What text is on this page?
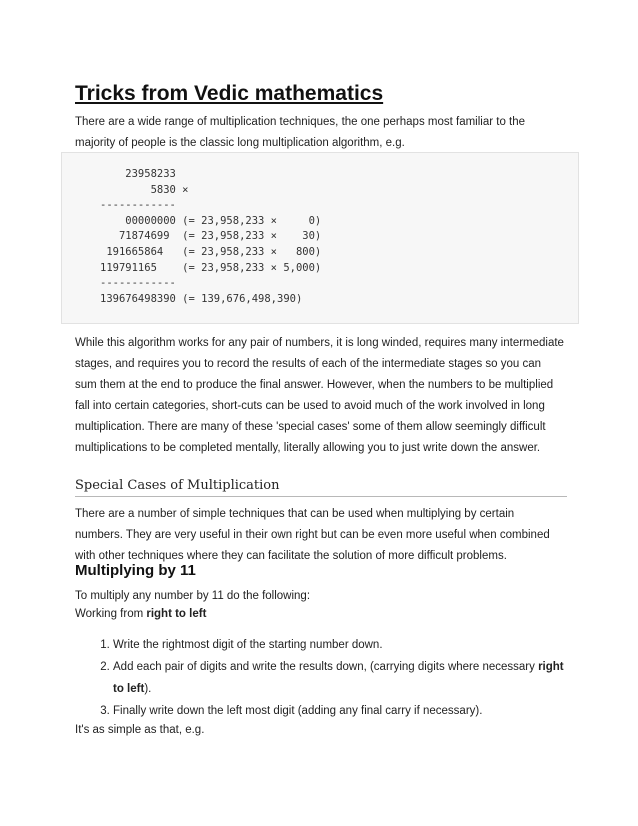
Tricks from Vedic mathematics

There are a wide range of multiplication techniques, the one perhaps most familiar to the majority of people is the classic long multiplication algorithm, e.g.

23958233
5830 ×
------------
00000000 (= 23,958,233 ×     0)
71874699  (= 23,958,233 ×    30)
191665864   (= 23,958,233 ×   800)
119791165    (= 23,958,233 × 5,000)
------------
139676498390 (= 139,676,498,390)

While this algorithm works for any pair of numbers, it is long winded, requires many intermediate stages, and requires you to record the results of each of the intermediate stages so you can sum them at the end to produce the final answer. However, when the numbers to be multiplied fall into certain categories, short-cuts can be used to avoid much of the work involved in long multiplication. There are many of these 'special cases' some of them allow seemingly difficult multiplications to be completed mentally, literally allowing you to just write down the answer.

Special Cases of Multiplication

There are a number of simple techniques that can be used when multiplying by certain numbers. They are very useful in their own right but can be even more useful when combined with other techniques where they can facilitate the solution of more difficult problems.

Multiplying by 11

To multiply any number by 11 do the following:

Working from right to left

1. Write the rightmost digit of the starting number down.
2. Add each pair of digits and write the results down, (carrying digits where necessary right to left).
3. Finally write down the left most digit (adding any final carry if necessary).

It's as simple as that, e.g.
